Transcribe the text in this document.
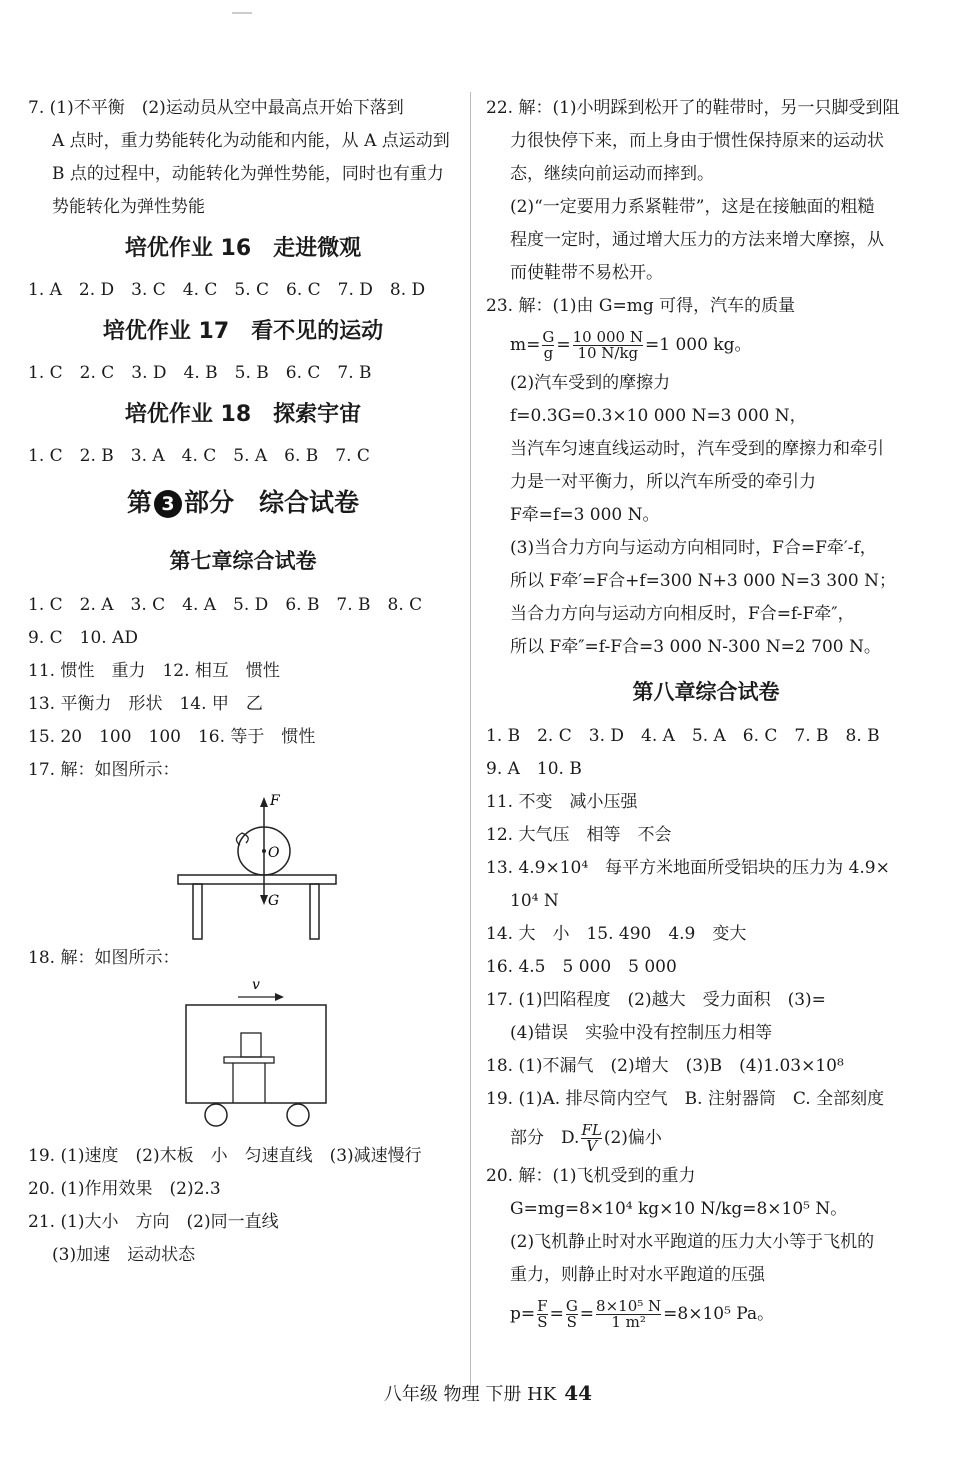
7. (1)不平衡　(2)运动员从空中最高点开始下落到
A 点时，重力势能转化为动能和内能，从 A 点运动到
B 点的过程中，动能转化为弹性势能，同时也有重力
势能转化为弹性势能
培优作业 16　走进微观
1. A　2. D　3. C　4. C　5. C　6. C　7. D　8. D
培优作业 17　看不见的运动
1. C　2. C　3. D　4. B　5. B　6. C　7. B
培优作业 18　探索宇宙
1. C　2. B　3. A　4. C　5. A　6. B　7. C
第 3 部分　综合试卷
第七章综合试卷
1. C　2. A　3. C　4. A　5. D　6. B　7. B　8. C
9. C　10. AD
11. 惯性　重力　12. 相互　惯性
13. 平衡力　形状　14. 甲　乙
15. 20　100　100　16. 等于　惯性
17. 解：如图所示：
F
O
G
18. 解：如图所示：
v
19. (1)速度　(2)木板　小　匀速直线　(3)减速慢行
20. (1)作用效果　(2)2.3
21. (1)大小　方向　(2)同一直线
(3)加速　运动状态
22. 解：(1)小明踩到松开了的鞋带时，另一只脚受到阻
力很快停下来，而上身由于惯性保持原来的运动状
态，继续向前运动而摔到。
(2)“一定要用力系紧鞋带”，这是在接触面的粗糙
程度一定时，通过增大压力的方法来增大摩擦，从
而使鞋带不易松开。
23. 解：(1)由 G=mg 可得，汽车的质量
$m= \frac{G}{g} = \frac{10 000 N}{10 N/kg} =1$ 000 kg。
(2)汽车受到的摩擦力
f=0.3G=0.3×10 000 N=3 000 N，
当汽车匀速直线运动时，汽车受到的摩擦力和牵引
力是一对平衡力，所以汽车所受的牵引力
F牵=f=3 000 N。
(3)当合力方向与运动方向相同时，F合=F牵′-f，
所以 F牵′=F合+f=300 N+3 000 N=3 300 N；
当合力方向与运动方向相反时，F合=f-F牵″，
所以 F牵″=f-F合=3 000 N-300 N=2 700 N。
第八章综合试卷
1. B　2. C　3. D　4. A　5. A　6. C　7. B　8. B
9. A　10. B
11. 不变　减小压强
12. 大气压　相等　不会
13. 4.9×10⁴　每平方米地面所受铝块的压力为 4.9×
10⁴ N
14. 大　小　15. 490　4.9　变大
16. 4.5　5 000　5 000
17. (1)凹陷程度　(2)越大　受力面积　(3)=
(4)错误　实验中没有控制压力相等
18. (1)不漏气　(2)增大　(3)B　(4)1.03×10⁸
19. (1)A. 排尽筒内空气　B. 注射器筒　C. 全部刻度
部分　D. $\frac{FL}{V} (2)$偏小
20. 解：(1)飞机受到的重力
G=mg=8×10⁴ kg×10 N/kg=8×10⁵ N。
(2)飞机静止时对水平跑道的压力大小等于飞机的
重力，则静止时对水平跑道的压强
$p= \frac{F}{S} = \frac{G}{S} = \frac{\text{8×10⁵ N}}{\text{1 m²}} =8\times 10^5$ Pa。
八年级 物理 下册 HK 44
